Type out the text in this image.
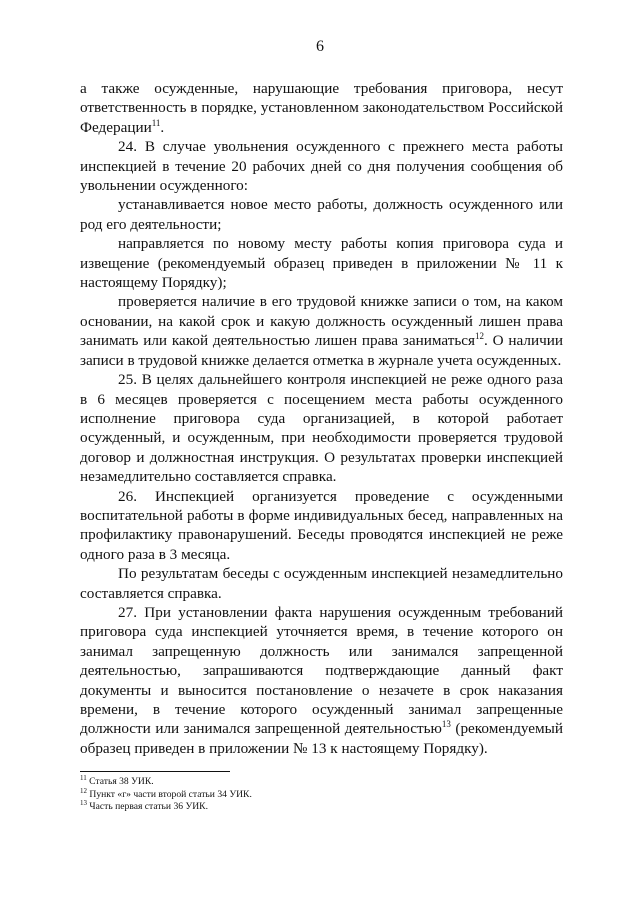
6

а также осужденные, нарушающие требования приговора, несут ответственность в порядке, установленном законодательством Российской Федерации$^{11}$.

24. В случае увольнения осужденного с прежнего места работы инспекцией в течение 20 рабочих дней со дня получения сообщения об увольнении осужденного:

устанавливается новое место работы, должность осужденного или род его деятельности;

направляется по новому месту работы копия приговора суда и извещение (рекомендуемый образец приведен в приложении № 11 к настоящему Порядку);

проверяется наличие в его трудовой книжке записи о том, на каком основании, на какой срок и какую должность осужденный лишен права занимать или какой деятельностью лишен права заниматься$^{12}$. О наличии записи в трудовой книжке делается отметка в журнале учета осужденных.

25. В целях дальнейшего контроля инспекцией не реже одного раза в 6 месяцев проверяется с посещением места работы осужденного исполнение приговора суда организацией, в которой работает осужденный, и осужденным, при необходимости проверяется трудовой договор и должностная инструкция. О результатах проверки инспекцией незамедлительно составляется справка.

26. Инспекцией организуется проведение с осужденными воспитательной работы в форме индивидуальных бесед, направленных на профилактику правонарушений. Беседы проводятся инспекцией не реже одного раза в 3 месяца.

По результатам беседы с осужденным инспекцией незамедлительно составляется справка.

27. При установлении факта нарушения осужденным требований приговора суда инспекцией уточняется время, в течение которого он занимал запрещенную должность или занимался запрещенной деятельностью, запрашиваются подтверждающие данный факт документы и выносится постановление о незачете в срок наказания времени, в течение которого осужденный занимал запрещенные должности или занимался запрещенной деятельностью$^{13}$ (рекомендуемый образец приведен в приложении № 13 к настоящему Порядку).

$^{11}$ Статья 38 УИК.
$^{12}$ Пункт «г» части второй статьи 34 УИК.
$^{13}$ Часть первая статьи 36 УИК.
